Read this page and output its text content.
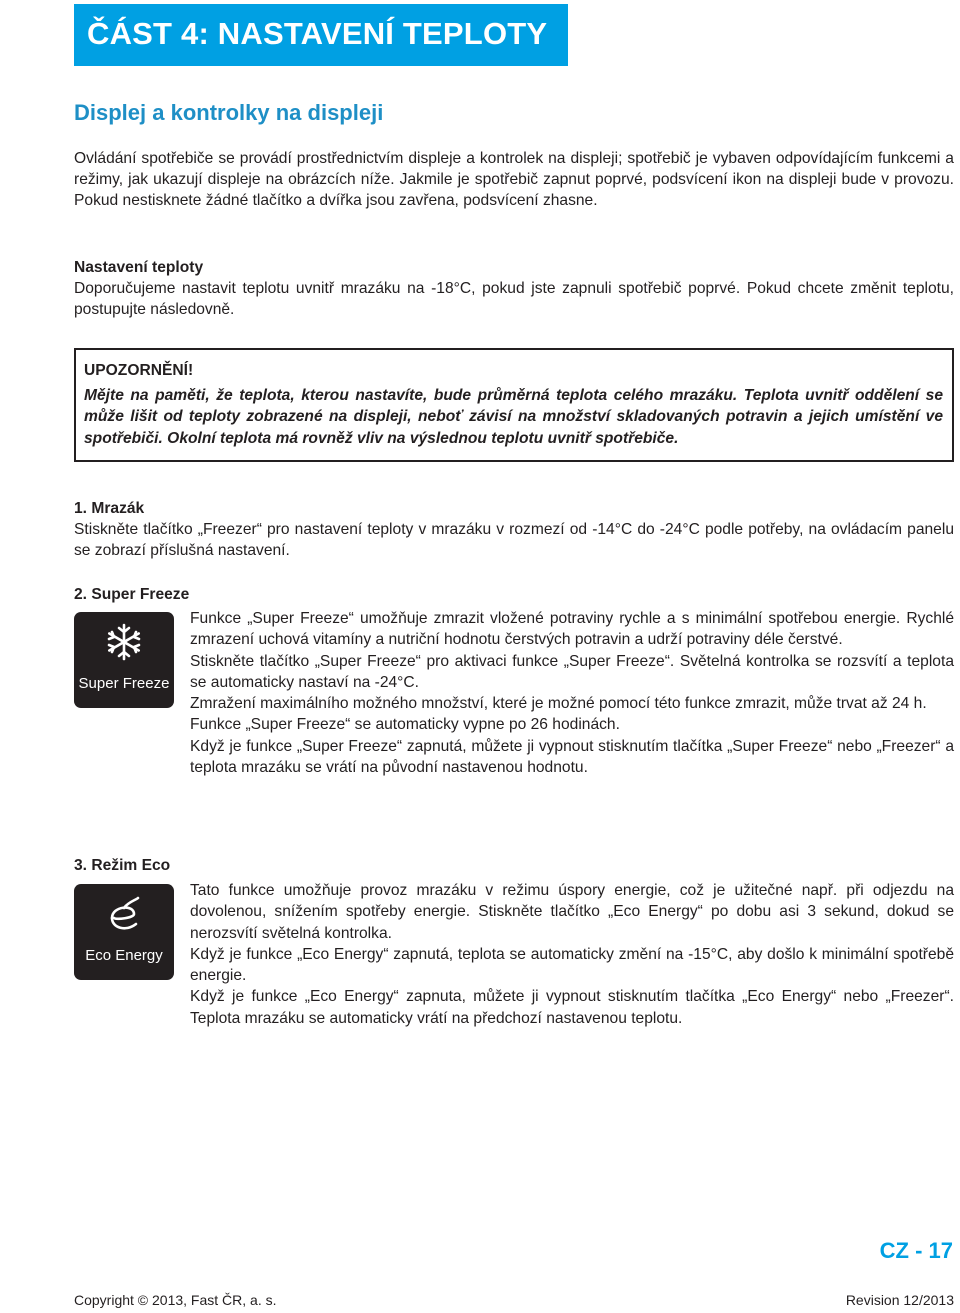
ČÁST 4: NASTAVENÍ TEPLOTY
Displej a kontrolky na displeji

Ovládání spotřebiče se provádí prostřednictvím displeje a kontrolek na displeji; spotřebič je vybaven odpovídajícím funkcemi a režimy, jak ukazují displeje na obrázcích níže. Jakmile je spotřebič zapnut poprvé, podsvícení ikon na displeji bude v provozu. Pokud nestisknete žádné tlačítko a dvířka jsou zavřena, podsvícení zhasne.

Nastavení teploty
Doporučujeme nastavit teplotu uvnitř mrazáku na -18°C, pokud jste zapnuli spotřebič poprvé. Pokud chcete změnit teplotu, postupujte následovně.
UPOZORNĚNÍ!
Mějte na paměti, že teplota, kterou nastavíte, bude průměrná teplota celého mrazáku. Teplota uvnitř oddělení se může lišit od teploty zobrazené na displeji, neboť závisí na množství skladovaných potravin a jejich umístění ve spotřebiči. Okolní teplota má rovněž vliv na výslednou teplotu uvnitř spotřebiče.
1. Mrazák
Stiskněte tlačítko „Freezer“ pro nastavení teploty v mrazáku v rozmezí od -14°C do -24°C podle potřeby, na ovládacím panelu se zobrazí příslušná nastavení.
2. Super Freeze
Super Freeze

Funkce „Super Freeze“ umožňuje zmrazit vložené potraviny rychle a s minimální spotřebou energie. Rychlé zmrazení uchová vitamíny a nutriční hodnotu čerstvých potravin a udrží potraviny déle čerstvé.

Stiskněte tlačítko „Super Freeze“ pro aktivaci funkce „Super Freeze“. Světelná kontrolka se rozsvítí a teplota se automaticky nastaví na -24°C.

Zmražení maximálního možného množství, které je možné pomocí této funkce zmrazit, může trvat až 24 h.

Funkce „Super Freeze“ se automaticky vypne po 26 hodinách.

Když je funkce „Super Freeze“ zapnutá, můžete ji vypnout stisknutím tlačítka „Super Freeze“ nebo „Freezer“ a teplota mrazáku se vrátí na původní nastavenou hodnotu.

3. Režim Eco
Eco Energy

Tato funkce umožňuje provoz mrazáku v režimu úspory energie, což je užitečné např. při odjezdu na dovolenou, snížením spotřeby energie. Stiskněte tlačítko „Eco Energy“ po dobu asi 3 sekund, dokud se nerozsvítí světelná kontrolka.

Když je funkce „Eco Energy“ zapnutá, teplota se automaticky změní na -15°C, aby došlo k minimální spotřebě energie.

Když je funkce „Eco Energy“ zapnuta, můžete ji vypnout stisknutím tlačítka „Eco Energy“ nebo „Freezer“. Teplota mrazáku se automaticky vrátí na předchozí nastavenou teplotu.

CZ - 17
Copyright © 2013, Fast ČR, a. s.	Revision 12/2013
